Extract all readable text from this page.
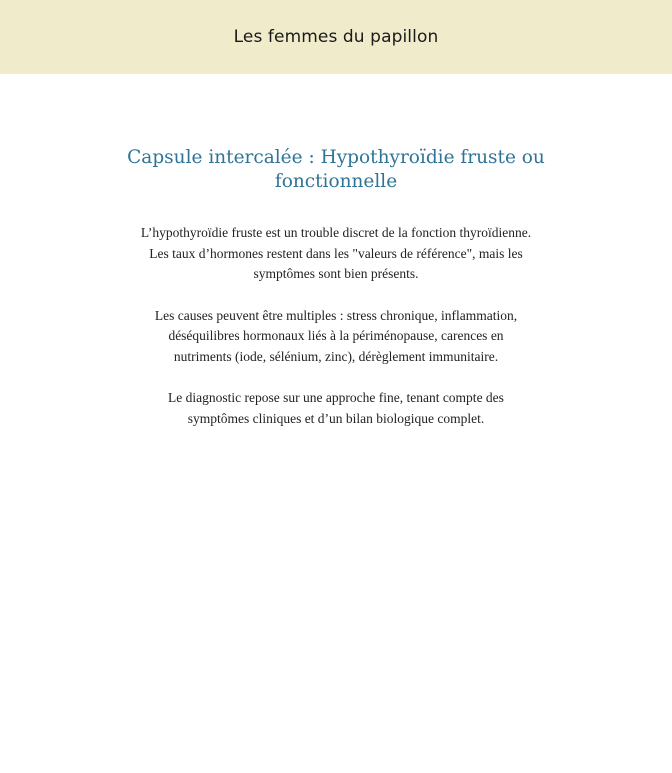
Les femmes du papillon
Capsule intercalée : Hypothyroïdie fruste ou fonctionnelle

L’hypothyroïdie fruste est un trouble discret de la fonction thyroïdienne. Les taux d’hormones restent dans les "valeurs de référence", mais les symptômes sont bien présents.

Les causes peuvent être multiples : stress chronique, inflammation, déséquilibres hormonaux liés à la périménopause, carences en nutriments (iode, sélénium, zinc), dérèglement immunitaire.

Le diagnostic repose sur une approche fine, tenant compte des symptômes cliniques et d’un bilan biologique complet.
